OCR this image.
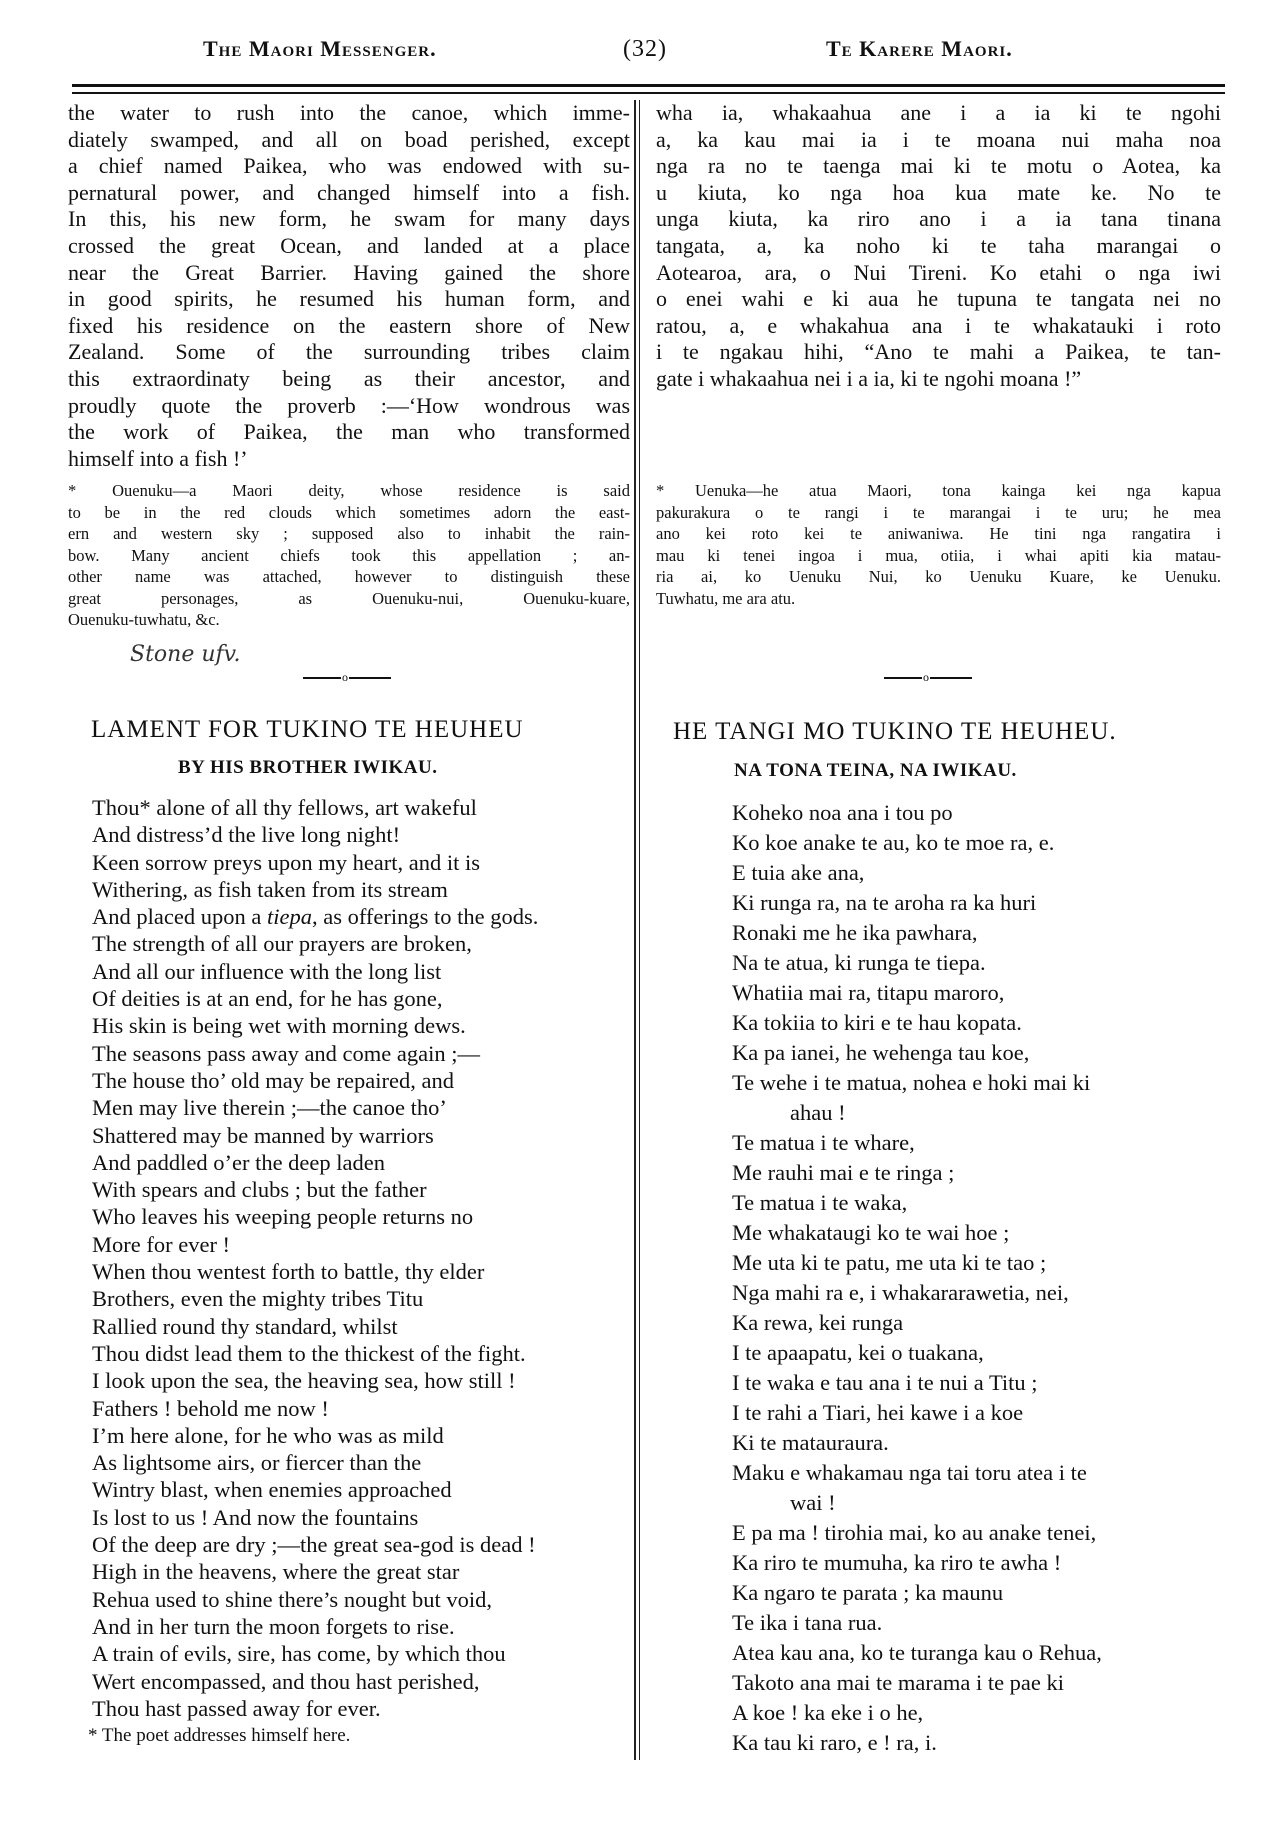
The Maori Messenger.	(32)	Te Karere Maori.
the water to rush into the canoe, which imme-
diately swamped, and all on boad perished, except
a chief named Paikea, who was endowed with su-
pernatural power, and changed himself into a fish.
In this, his new form, he swam for many days
crossed the great Ocean, and landed at a place
near the Great Barrier. Having gained the shore
in good spirits, he resumed his human form, and
fixed his residence on the eastern shore of New
Zealand. Some of the surrounding tribes claim
this extraordinaty being as their ancestor, and
proudly quote the proverb :—‘How wondrous was
the work of Paikea, the man who transformed
himself into a fish !’
* Ouenuku—a Maori deity, whose residence is said
to be in the red clouds which sometimes adorn the east-
ern and western sky ; supposed also to inhabit the rain-
bow. Many ancient chiefs took this appellation ; an-
other name was attached, however to distinguish these
great personages, as Ouenuku-nui, Ouenuku-kuare,
Ouenuku-tuwhatu, &c.
Stone ufv.
o
LAMENT FOR TUKINO TE HEUHEU
BY HIS BROTHER IWIKAU.
Thou* alone of all thy fellows, art wakeful
And distress’d the live long night!
Keen sorrow preys upon my heart, and it is
Withering, as fish taken from its stream
And placed upon a tiepa, as offerings to the gods.
The strength of all our prayers are broken,
And all our influence with the long list
Of deities is at an end, for he has gone,
His skin is being wet with morning dews.
The seasons pass away and come again ;—
The house tho’ old may be repaired, and
Men may live therein ;—the canoe tho’
Shattered may be manned by warriors
And paddled o’er the deep laden
With spears and clubs ; but the father
Who leaves his weeping people returns no
More for ever !
When thou wentest forth to battle, thy elder
Brothers, even the mighty tribes Titu
Rallied round thy standard, whilst
Thou didst lead them to the thickest of the fight.
I look upon the sea, the heaving sea, how still !
Fathers ! behold me now !
I’m here alone, for he who was as mild
As lightsome airs, or fiercer than the
Wintry blast, when enemies approached
Is lost to us ! And now the fountains
Of the deep are dry ;—the great sea-god is dead !
High in the heavens, where the great star
Rehua used to shine there’s nought but void,
And in her turn the moon forgets to rise.
A train of evils, sire, has come, by which thou
Wert encompassed, and thou hast perished,
Thou hast passed away for ever.
* The poet addresses himself here.
wha ia, whakaahua ane i a ia ki te ngohi
a, ka kau mai ia i te moana nui maha noa
nga ra no te taenga mai ki te motu o Aotea, ka
u kiuta, ko nga hoa kua mate ke. No te
unga kiuta, ka riro ano i a ia tana tinana
tangata, a, ka noho ki te taha marangai o
Aotearoa, ara, o Nui Tireni. Ko etahi o nga iwi
o enei wahi e ki aua he tupuna te tangata nei no
ratou, a, e whakahua ana i te whakatauki i roto
i te ngakau hihi, “Ano te mahi a Paikea, te tan-
gate i whakaahua nei i a ia, ki te ngohi moana !”
* Uenuka—he atua Maori, tona kainga kei nga kapua
pakurakura o te rangi i te marangai i te uru; he mea
ano kei roto kei te aniwaniwa. He tini nga rangatira i
mau ki tenei ingoa i mua, otiia, i whai apiti kia matau-
ria ai, ko Uenuku Nui, ko Uenuku Kuare, ke Uenuku.
Tuwhatu, me ara atu.
o
HE TANGI MO TUKINO TE HEUHEU.
NA TONA TEINA, NA IWIKAU.
Koheko noa ana i tou po
Ko koe anake te au, ko te moe ra, e.
E tuia ake ana,
Ki runga ra, na te aroha ra ka huri
Ronaki me he ika pawhara,
Na te atua, ki runga te tiepa.
Whatiia mai ra, titapu maroro,
Ka tokiia to kiri e te hau kopata.
Ka pa ianei, he wehenga tau koe,
Te wehe i te matua, nohea e hoki mai ki
ahau !
Te matua i te whare,
Me rauhi mai e te ringa ;
Te matua i te waka,
Me whakataugi ko te wai hoe ;
Me uta ki te patu, me uta ki te tao ;
Nga mahi ra e, i whakararawetia, nei,
Ka rewa, kei runga
I te apaapatu, kei o tuakana,
I te waka e tau ana i te nui a Titu ;
I te rahi a Tiari, hei kawe i a koe
Ki te matauraura.
Maku e whakamau nga tai toru atea i te
wai !
E pa ma ! tirohia mai, ko au anake tenei,
Ka riro te mumuha, ka riro te awha !
Ka ngaro te parata ; ka maunu
Te ika i tana rua.
Atea kau ana, ko te turanga kau o Rehua,
Takoto ana mai te marama i te pae ki
A koe ! ka eke i o he,
Ka tau ki raro, e ! ra, i.
